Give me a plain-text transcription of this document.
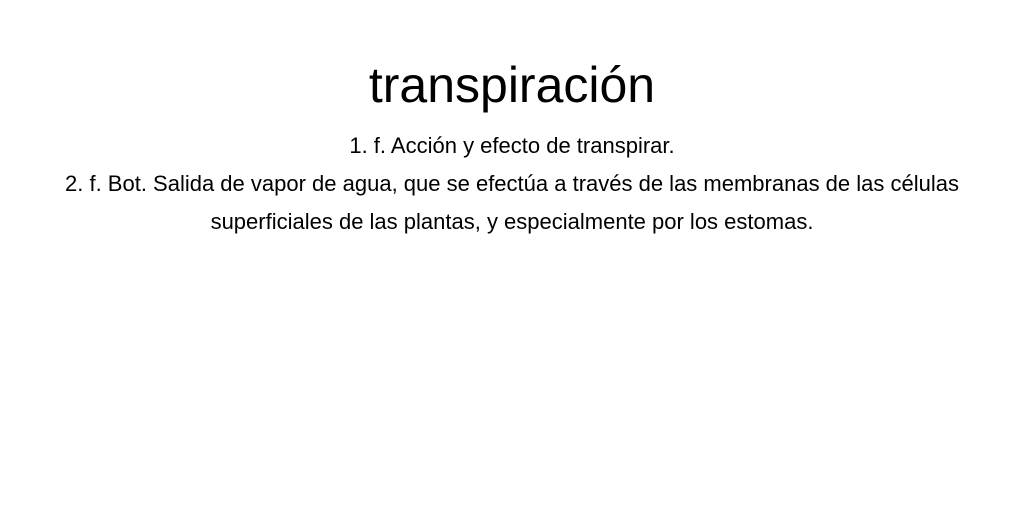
transpiración

1. f. Acción y efecto de transpirar.

2. f. Bot. Salida de vapor de agua, que se efectúa a través de las membranas de las células superficiales de las plantas, y especialmente por los estomas.
